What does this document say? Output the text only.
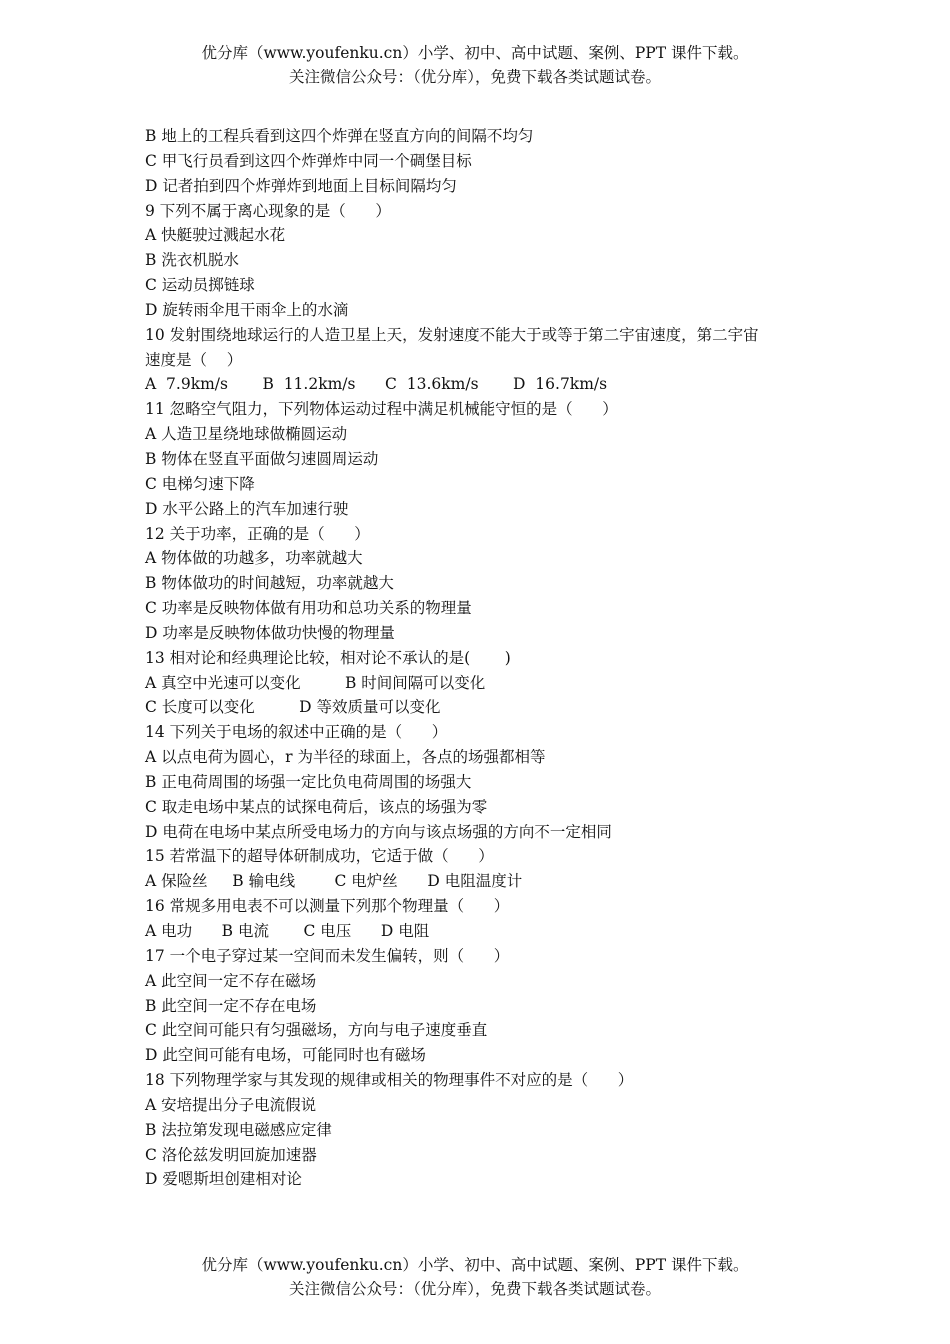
优分库（www.youfenku.cn）小学、初中、高中试题、案例、PPT 课件下载。
关注微信公众号：（优分库），免费下载各类试题试卷。
B 地上的工程兵看到这四个炸弹在竖直方向的间隔不均匀
C 甲飞行员看到这四个炸弹炸中同一个碉堡目标
D 记者拍到四个炸弹炸到地面上目标间隔均匀
9 下列不属于离心现象的是（      ）
A 快艇驶过溅起水花
B 洗衣机脱水
C 运动员掷链球
D 旋转雨伞甩干雨伞上的水滴
10 发射围绕地球运行的人造卫星上天，发射速度不能大于或等于第二宇宙速度，第二宇宙
速度是（    ）
A  7.9km/s       B  11.2km/s      C  13.6km/s       D  16.7km/s
11 忽略空气阻力，下列物体运动过程中满足机械能守恒的是（      ）
A 人造卫星绕地球做椭圆运动
B 物体在竖直平面做匀速圆周运动
C 电梯匀速下降
D 水平公路上的汽车加速行驶
12 关于功率，正确的是（      ）
A 物体做的功越多，功率就越大
B 物体做功的时间越短，功率就越大
C 功率是反映物体做有用功和总功关系的物理量
D 功率是反映物体做功快慢的物理量
13 相对论和经典理论比较，相对论不承认的是(       )
A 真空中光速可以变化         B 时间间隔可以变化
C 长度可以变化         D 等效质量可以变化
14 下列关于电场的叙述中正确的是（      ）
A 以点电荷为圆心，r 为半径的球面上，各点的场强都相等
B 正电荷周围的场强一定比负电荷周围的场强大
C 取走电场中某点的试探电荷后，该点的场强为零
D 电荷在电场中某点所受电场力的方向与该点场强的方向不一定相同
15 若常温下的超导体研制成功，它适于做（      ）
A 保险丝     B 输电线        C 电炉丝      D 电阻温度计
16 常规多用电表不可以测量下列那个物理量（      ）
A 电功      B 电流       C 电压      D 电阻
17 一个电子穿过某一空间而未发生偏转，则（      ）
A 此空间一定不存在磁场
B 此空间一定不存在电场
C 此空间可能只有匀强磁场，方向与电子速度垂直
D 此空间可能有电场，可能同时也有磁场
18 下列物理学家与其发现的规律或相关的物理事件不对应的是（      ）
A 安培提出分子电流假说
B 法拉第发现电磁感应定律
C 洛伦兹发明回旋加速器
D 爱嗯斯坦创建相对论
优分库（www.youfenku.cn）小学、初中、高中试题、案例、PPT 课件下载。
关注微信公众号：（优分库），免费下载各类试题试卷。
